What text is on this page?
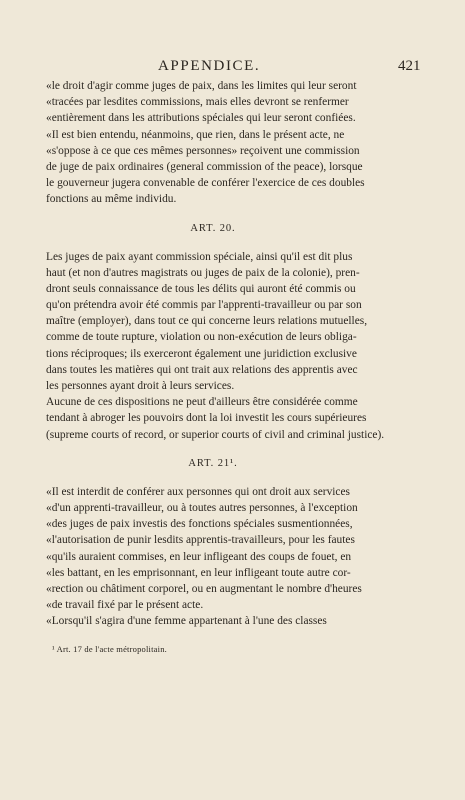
APPENDICE.	421
«le droit d'agir comme juges de paix, dans les limites qui leur seront
«tracées par lesdites commissions, mais elles devront se renfermer
«entièrement dans les attributions spéciales qui leur seront confiées.
«Il est bien entendu, néanmoins, que rien, dans le présent acte, ne
«s'oppose à ce que ces mêmes personnes» reçoivent une commission
de juge de paix ordinaires (general commission of the peace), lorsque
le gouverneur jugera convenable de conférer l'exercice de ces doubles
fonctions au même individu.
ART. 20.
Les juges de paix ayant commission spéciale, ainsi qu'il est dit plus
haut (et non d'autres magistrats ou juges de paix de la colonie), pren-
dront seuls connaissance de tous les délits qui auront été commis ou
qu'on prétendra avoir été commis par l'apprenti-travailleur ou par son
maître (employer), dans tout ce qui concerne leurs relations mutuelles,
comme de toute rupture, violation ou non-exécution de leurs obliga-
tions réciproques; ils exerceront également une juridiction exclusive
dans toutes les matières qui ont trait aux relations des apprentis avec
les personnes ayant droit à leurs services.
Aucune de ces dispositions ne peut d'ailleurs être considérée comme
tendant à abroger les pouvoirs dont la loi investit les cours supérieures
(supreme courts of record, or superior courts of civil and criminal justice).
ART. 21¹.
«Il est interdit de conférer aux personnes qui ont droit aux services
«d'un apprenti-travailleur, ou à toutes autres personnes, à l'exception
«des juges de paix investis des fonctions spéciales susmentionnées,
«l'autorisation de punir lesdits apprentis-travailleurs, pour les fautes
«qu'ils auraient commises, en leur infligeant des coups de fouet, en
«les battant, en les emprisonnant, en leur infligeant toute autre cor-
«rection ou châtiment corporel, ou en augmentant le nombre d'heures
«de travail fixé par le présent acte.
«Lorsqu'il s'agira d'une femme appartenant à l'une des classes
¹ Art. 17 de l'acte métropolitain.
